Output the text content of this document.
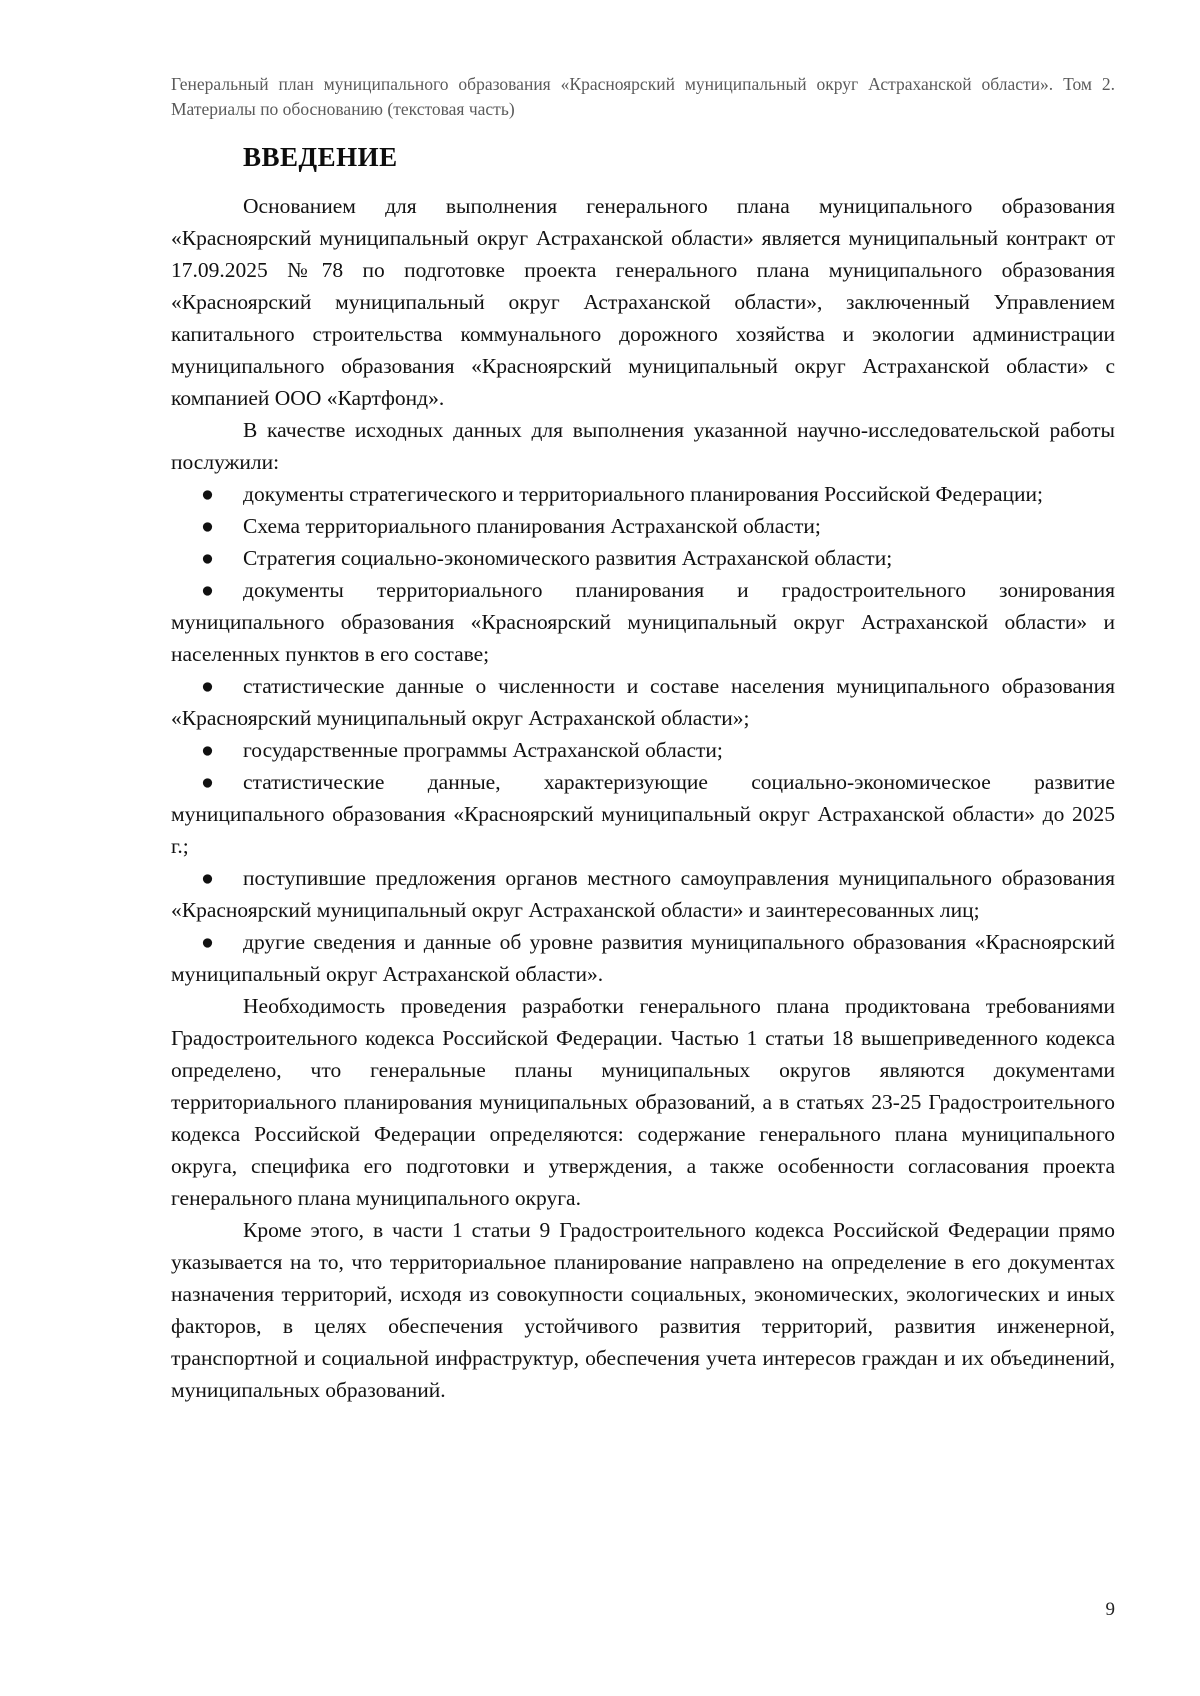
Генеральный план муниципального образования «Красноярский муниципальный округ Астраханской области». Том 2. Материалы по обоснованию (текстовая часть)

ВВЕДЕНИЕ

Основанием для выполнения генерального плана муниципального образования «Красноярский муниципальный округ Астраханской области» является муниципальный контракт от 17.09.2025 №78 по подготовке проекта генерального плана муниципального образования «Красноярский муниципальный округ Астраханской области», заключенный Управлением капитального строительства коммунального дорожного хозяйства и экологии администрации муниципального образования «Красноярский муниципальный округ Астраханской области» с компанией ООО «Картфонд».

В качестве исходных данных для выполнения указанной научно-исследовательской работы послужили:

● документы стратегического и территориального планирования Российской Федерации;

● Схема территориального планирования Астраханской области;

● Стратегия социально-экономического развития Астраханской области;

● документы территориального планирования и градостроительного зонирования муниципального образования «Красноярский муниципальный округ Астраханской области» и населенных пунктов в его составе;

● статистические данные о численности и составе населения муниципального образования «Красноярский муниципальный округ Астраханской области»;

● государственные программы Астраханской области;

● статистические данные, характеризующие социально-экономическое развитие муниципального образования «Красноярский муниципальный округ Астраханской области» до 2025 г.;

● поступившие предложения органов местного самоуправления муниципального образования «Красноярский муниципальный округ Астраханской области» и заинтересованных лиц;

● другие сведения и данные об уровне развития муниципального образования «Красноярский муниципальный округ Астраханской области».

Необходимость проведения разработки генерального плана продиктована требованиями Градостроительного кодекса Российской Федерации. Частью 1 статьи 18 вышеприведенного кодекса определено, что генеральные планы муниципальных округов являются документами территориального планирования муниципальных образований, а в статьях 23-25 Градостроительного кодекса Российской Федерации определяются: содержание генерального плана муниципального округа, специфика его подготовки и утверждения, а также особенности согласования проекта генерального плана муниципального округа.

Кроме этого, в части 1 статьи 9 Градостроительного кодекса Российской Федерации прямо указывается на то, что территориальное планирование направлено на определение в его документах назначения территорий, исходя из совокупности социальных, экономических, экологических и иных факторов, в целях обеспечения устойчивого развития территорий, развития инженерной, транспортной и социальной инфраструктур, обеспечения учета интересов граждан и их объединений, муниципальных образований.

9
